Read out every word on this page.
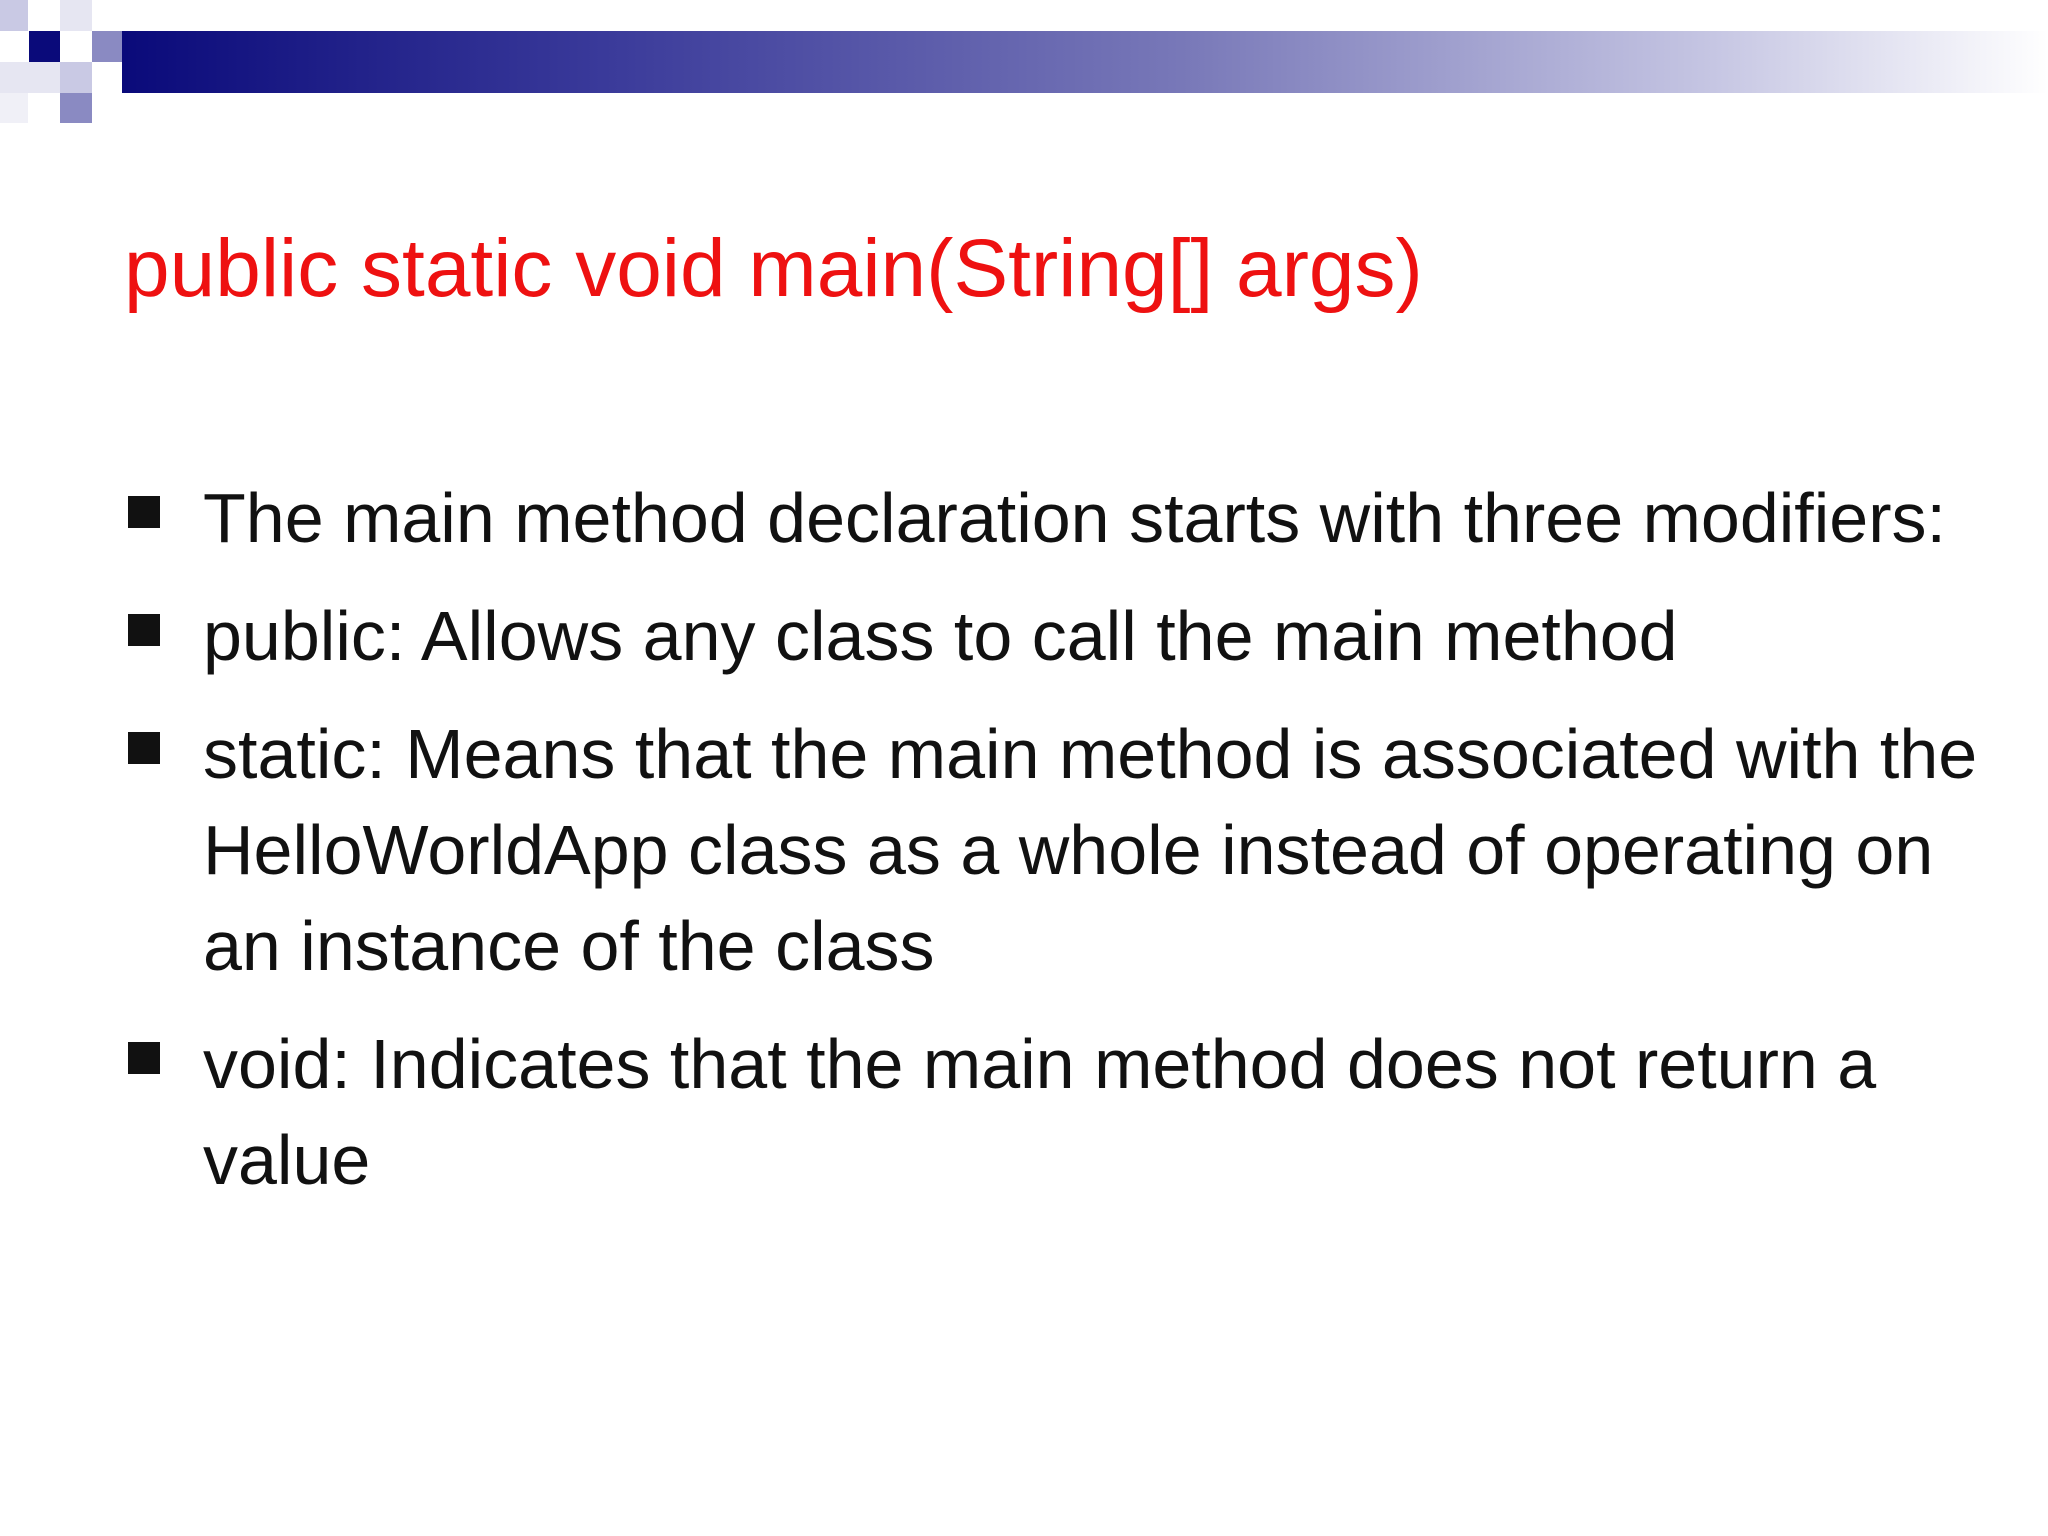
public static void main(String[] args)
The main method declaration starts with three modifiers:
public: Allows any class to call the main method
static: Means that the main method is associated with the HelloWorldApp class as a whole instead of operating on an instance of the class
void: Indicates that the main method does not return a value
